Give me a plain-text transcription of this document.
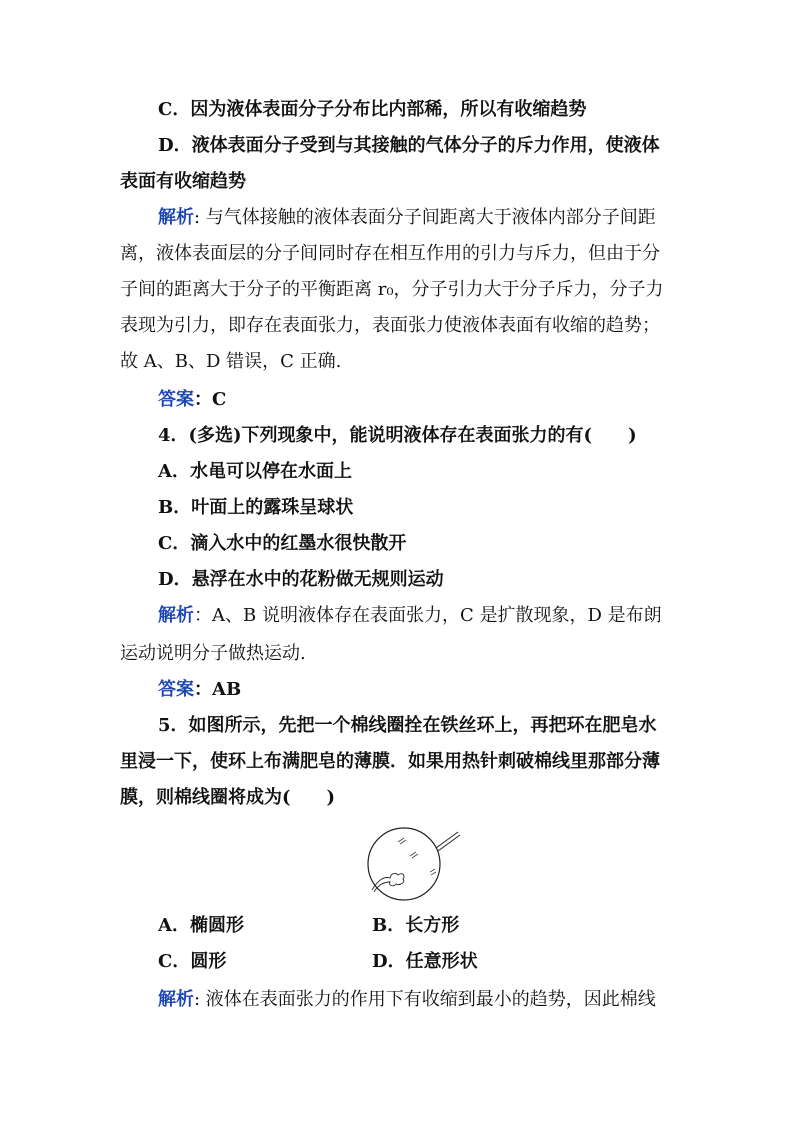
C．因为液体表面分子分布比内部稀，所以有收缩趋势
D．液体表面分子受到与其接触的气体分子的斥力作用，使液体
表面有收缩趋势
解析: 与气体接触的液体表面分子间距离大于液体内部分子间距
离，液体表面层的分子间同时存在相互作用的引力与斥力，但由于分
子间的距离大于分子的平衡距离 r₀，分子引力大于分子斥力，分子力
表现为引力，即存在表面张力，表面张力使液体表面有收缩的趋势；
故 A、B、D 错误，C 正确.
答案：C
4．(多选)下列现象中，能说明液体存在表面张力的有(　　)
A．水黾可以停在水面上
B．叶面上的露珠呈球状
C．滴入水中的红墨水很快散开
D．悬浮在水中的花粉做无规则运动
解析：A、B 说明液体存在表面张力，C 是扩散现象，D 是布朗
运动说明分子做热运动.
答案：AB
5．如图所示，先把一个棉线圈拴在铁丝环上，再把环在肥皂水
里浸一下，使环上布满肥皂的薄膜．如果用热针刺破棉线里那部分薄
膜，则棉线圈将成为(　　)
A．椭圆形	B．长方形
C．圆形	D．任意形状
解析: 液体在表面张力的作用下有收缩到最小的趋势，因此棉线
